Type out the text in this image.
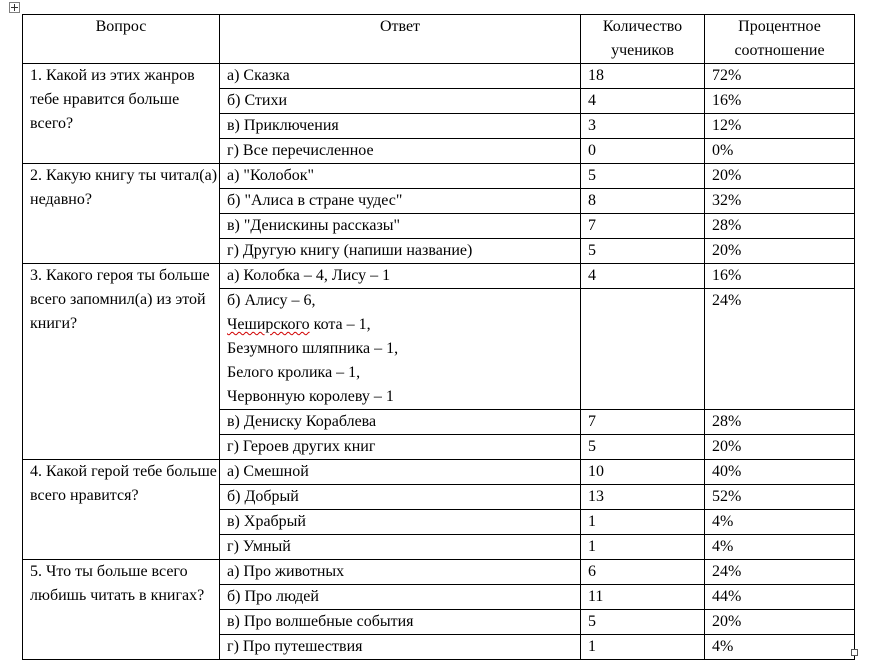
Вопрос	Ответ	Количество учеников	Процентное соотношение
1. Какой из этих жанров тебе нравится больше всего?	а) Сказка	18	72%
	б) Стихи	4	16%
	в) Приключения	3	12%
	г) Все перечисленное	0	0%
2. Какую книгу ты читал(а) недавно?	а) "Колобок"	5	20%
	б) "Алиса в стране чудес"	8	32%
	в) "Денискины рассказы"	7	28%
	г) Другую книгу (напиши название)	5	20%
3. Какого героя ты больше всего запомнил(а) из этой книги?	а) Колобка – 4, Лису – 1	4	16%

	б) Алису – 6,
Чеширского кота – 1,
Безумного шляпника – 1,
Белого кролика – 1,
Червонную королеву – 1		24%
	в) Дениску Кораблева	7	28%
	г) Героев других книг	5	20%
4. Какой герой тебе больше всего нравится?	а) Смешной	10	40%
	б) Добрый	13	52%
	в) Храбрый	1	4%
	г) Умный	1	4%
5. Что ты больше всего любишь читать в книгах?	а) Про животных	6	24%
	б) Про людей	11	44%
	в) Про волшебные события	5	20%
	г) Про путешествия	1	4%
